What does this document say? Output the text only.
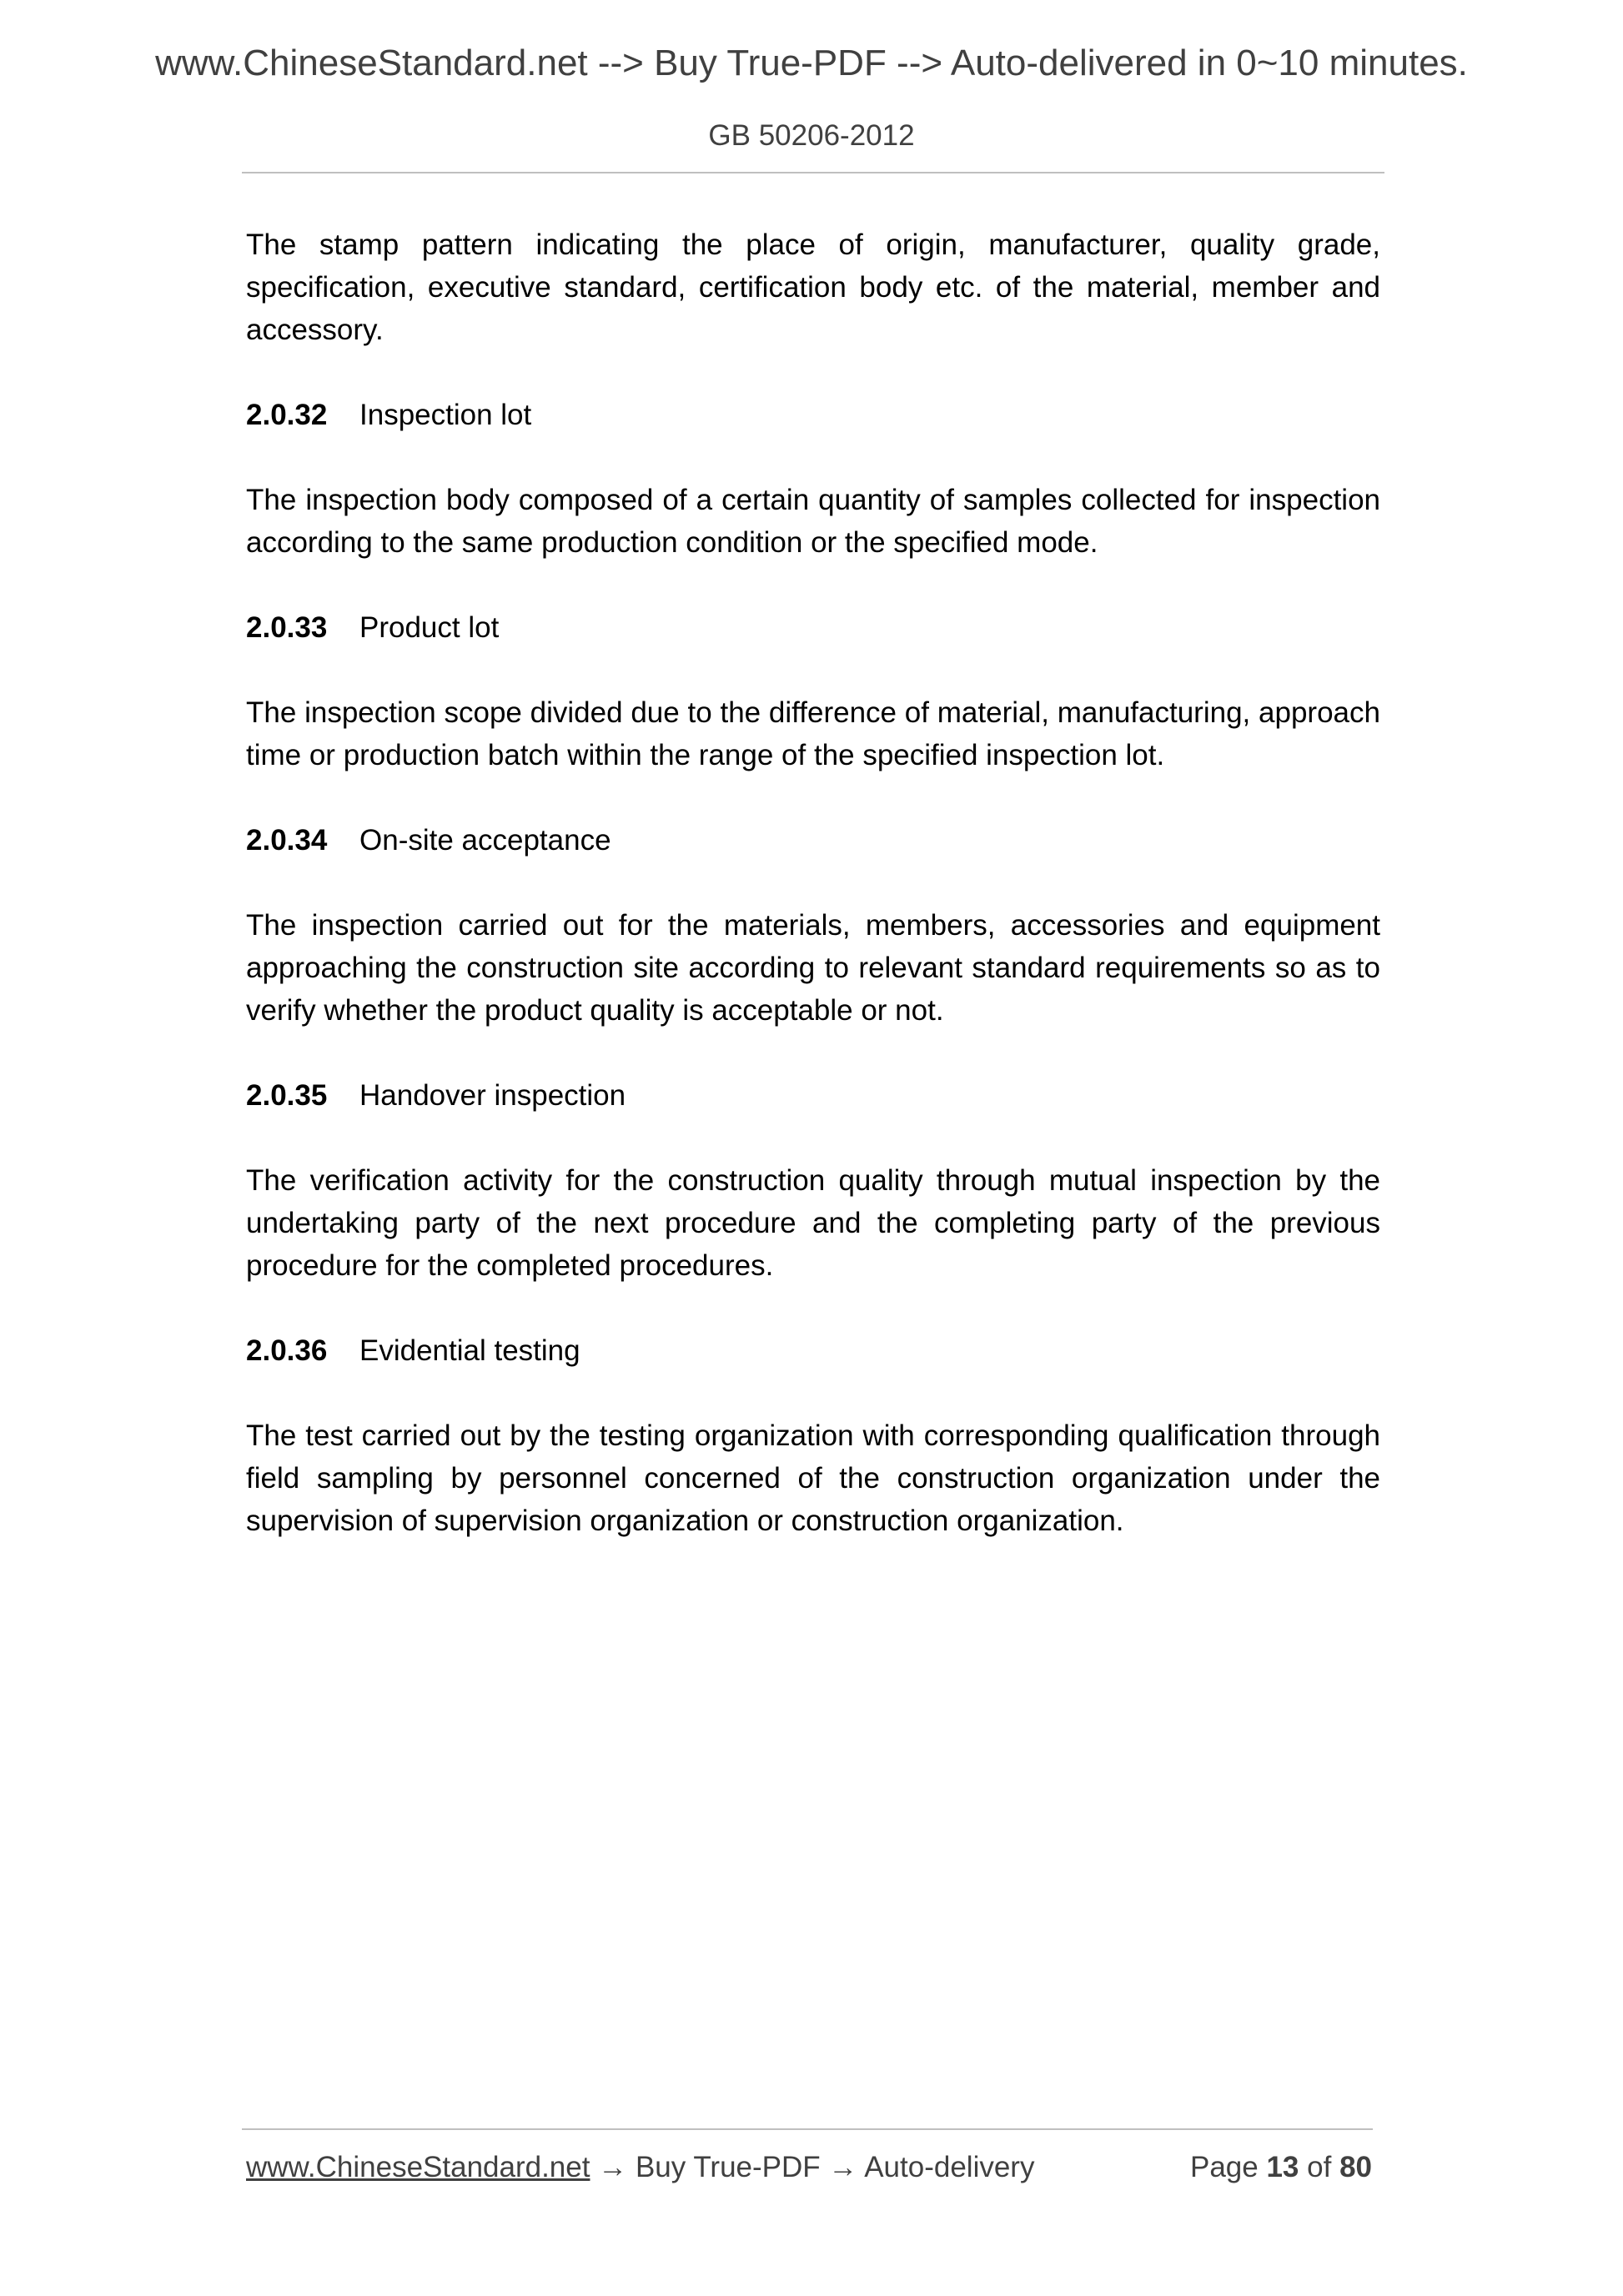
www.ChineseStandard.net --> Buy True-PDF --> Auto-delivered in 0~10 minutes.
GB 50206-2012

The stamp pattern indicating the place of origin, manufacturer, quality grade, specification, executive standard, certification body etc. of the material, member and accessory.

2.0.32 Inspection lot

The inspection body composed of a certain quantity of samples collected for inspection according to the same production condition or the specified mode.

2.0.33 Product lot

The inspection scope divided due to the difference of material, manufacturing, approach time or production batch within the range of the specified inspection lot.

2.0.34 On-site acceptance

The inspection carried out for the materials, members, accessories and equipment approaching the construction site according to relevant standard requirements so as to verify whether the product quality is acceptable or not.

2.0.35 Handover inspection

The verification activity for the construction quality through mutual inspection by the undertaking party of the next procedure and the completing party of the previous procedure for the completed procedures.

2.0.36 Evidential testing

The test carried out by the testing organization with corresponding qualification through field sampling by personnel concerned of the construction organization under the supervision of supervision organization or construction organization.

www.ChineseStandard.net → Buy True-PDF → Auto-delivery	Page 13 of 80
